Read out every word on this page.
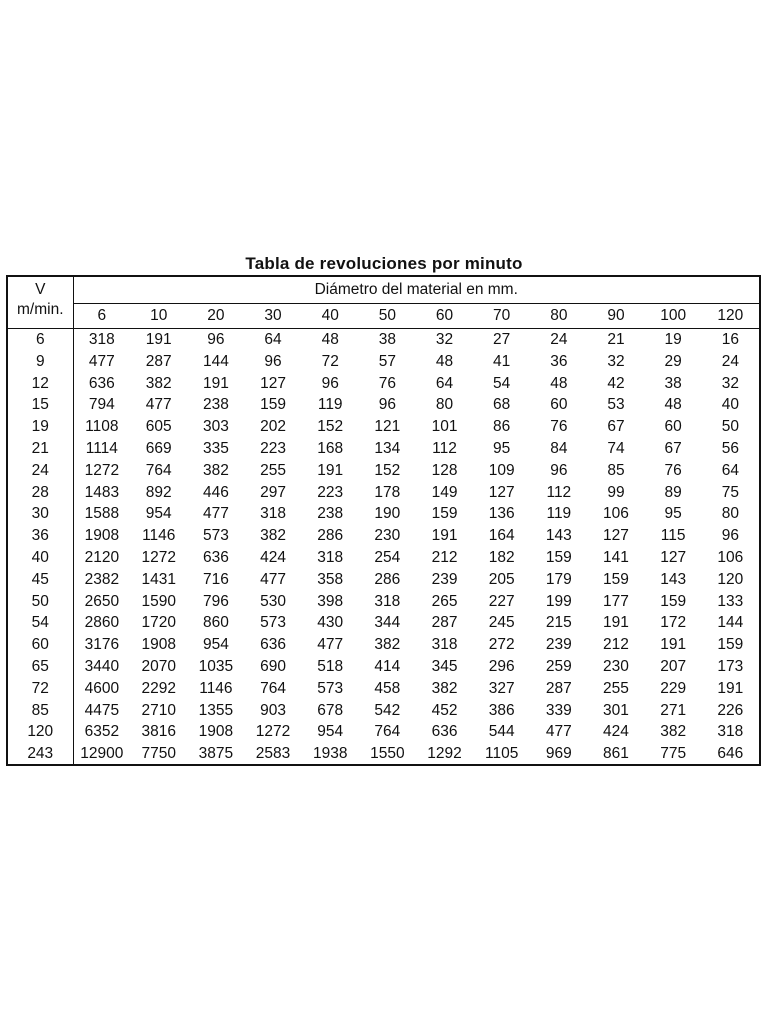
Tabla de revoluciones por minuto
V
m/min.	Diámetro del material en mm.											
	6	10	20	30	40	50	60	70	80	90	100	120
6	318	191	96	64	48	38	32	27	24	21	19	16
9	477	287	144	96	72	57	48	41	36	32	29	24
12	636	382	191	127	96	76	64	54	48	42	38	32
15	794	477	238	159	119	96	80	68	60	53	48	40
19	1108	605	303	202	152	121	101	86	76	67	60	50
21	1114	669	335	223	168	134	112	95	84	74	67	56
24	1272	764	382	255	191	152	128	109	96	85	76	64
28	1483	892	446	297	223	178	149	127	112	99	89	75
30	1588	954	477	318	238	190	159	136	119	106	95	80
36	1908	1146	573	382	286	230	191	164	143	127	115	96
40	2120	1272	636	424	318	254	212	182	159	141	127	106
45	2382	1431	716	477	358	286	239	205	179	159	143	120
50	2650	1590	796	530	398	318	265	227	199	177	159	133
54	2860	1720	860	573	430	344	287	245	215	191	172	144
60	3176	1908	954	636	477	382	318	272	239	212	191	159
65	3440	2070	1035	690	518	414	345	296	259	230	207	173
72	4600	2292	1146	764	573	458	382	327	287	255	229	191
85	4475	2710	1355	903	678	542	452	386	339	301	271	226
120	6352	3816	1908	1272	954	764	636	544	477	424	382	318
243	12900	7750	3875	2583	1938	1550	1292	1105	969	861	775	646
